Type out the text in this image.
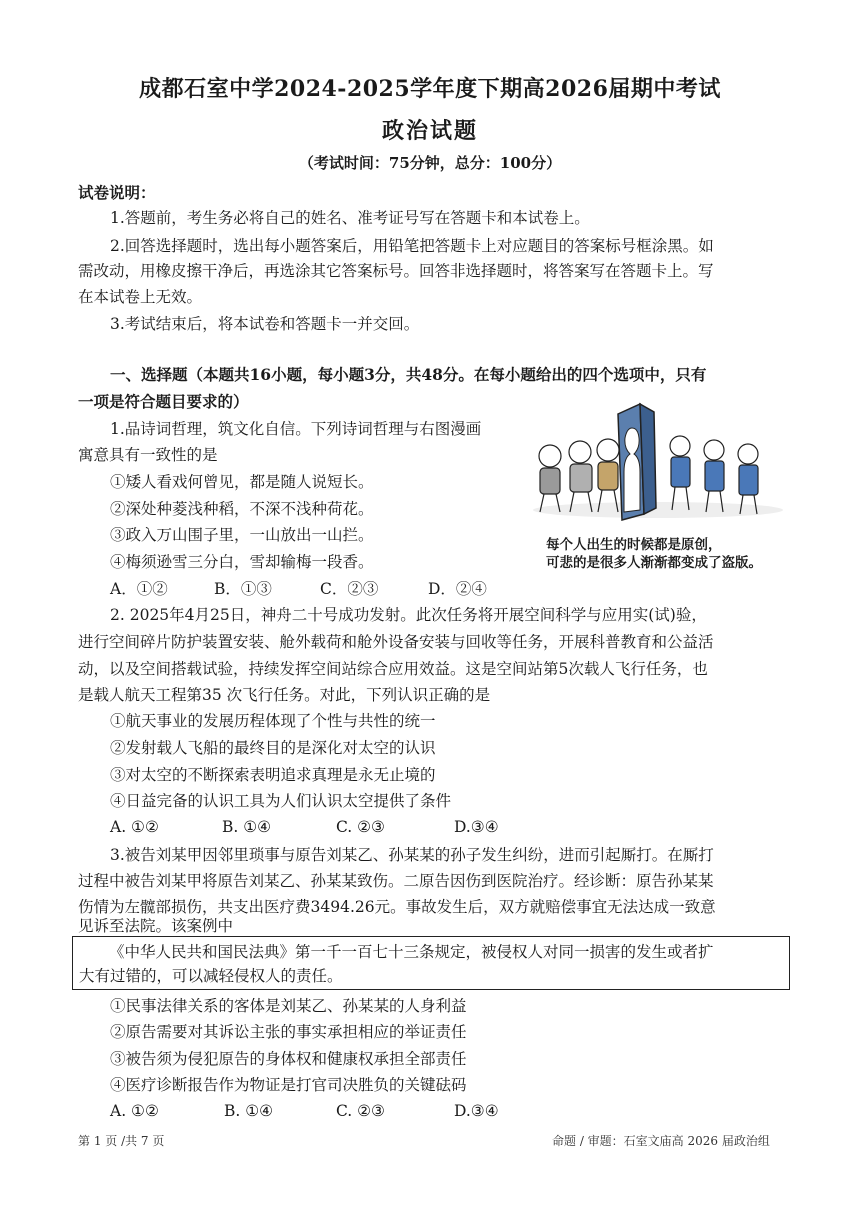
成都石室中学2024-2025学年度下期高2026届期中考试
政治试题
（考试时间：75分钟，总分：100分）
试卷说明：
1.答题前，考生务必将自己的姓名、准考证号写在答题卡和本试卷上。
2.回答选择题时，选出每小题答案后，用铅笔把答题卡上对应题目的答案标号框涂黑。如
需改动，用橡皮擦干净后，再选涂其它答案标号。回答非选择题时，将答案写在答题卡上。写
在本试卷上无效。
3.考试结束后，将本试卷和答题卡一并交回。
一、选择题（本题共16小题，每小题3分，共48分。在每小题给出的四个选项中，只有
一项是符合题目要求的）
1.品诗词哲理，筑文化自信。下列诗词哲理与右图漫画
寓意具有一致性的是
①矮人看戏何曾见，都是随人说短长。
②深处种菱浅种稻，不深不浅种荷花。
③政入万山围子里，一山放出一山拦。
④梅须逊雪三分白，雪却输梅一段香。
A．①②	B．①③	C．②③	D．②④
每个人出生的时候都是原创，
可悲的是很多人渐渐都变成了盗版。
2. 2025年4月25日，神舟二十号成功发射。此次任务将开展空间科学与应用实(试)验，
进行空间碎片防护装置安装、舱外载荷和舱外设备安装与回收等任务，开展科普教育和公益活
动，以及空间搭载试验，持续发挥空间站综合应用效益。这是空间站第5次载人飞行任务，也
是载人航天工程第35 次飞行任务。对此，下列认识正确的是
①航天事业的发展历程体现了个性与共性的统一
②发射载人飞船的最终目的是深化对太空的认识
③对太空的不断探索表明追求真理是永无止境的
④日益完备的认识工具为人们认识太空提供了条件
A. ①②	B. ①④	C. ②③	D.③④
3.被告刘某甲因邻里琐事与原告刘某乙、孙某某的孙子发生纠纷，进而引起厮打。在厮打
过程中被告刘某甲将原告刘某乙、孙某某致伤。二原告因伤到医院治疗。经诊断：原告孙某某
伤情为左髋部损伤，共支出医疗费3494.26元。事故发生后，双方就赔偿事宜无法达成一致意
见诉至法院。该案例中
《中华人民共和国民法典》第一千一百七十三条规定，被侵权人对同一损害的发生或者扩
大有过错的，可以减轻侵权人的责任。
①民事法律关系的客体是刘某乙、孙某某的人身利益
②原告需要对其诉讼主张的事实承担相应的举证责任
③被告须为侵犯原告的身体权和健康权承担全部责任
④医疗诊断报告作为物证是打官司决胜负的关键砝码
A. ①②	B. ①④	C. ②③	D.③④
第 1 页 /共 7 页	命题 / 审题：石室文庙高 2026 届政治组
